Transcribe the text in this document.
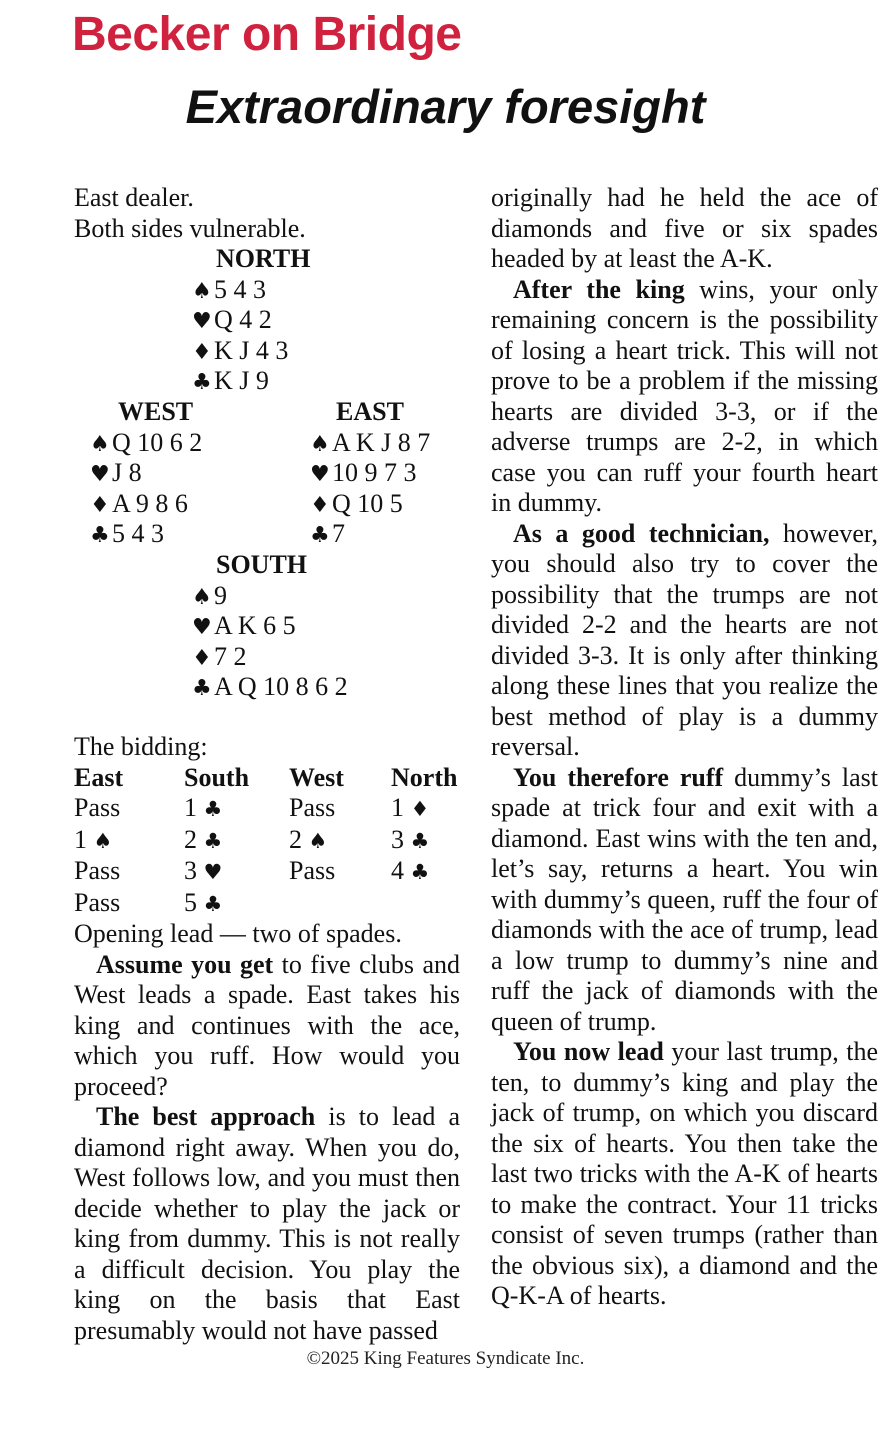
Becker on Bridge
Extraordinary foresight
East dealer.
Both sides vulnerable.
NORTH
♠5 4 3
♥Q 4 2
♦K J 4 3
♣K J 9
WEST
♠Q 10 6 2
♥J 8
♦A 9 8 6
♣5 4 3
EAST
♠A K J 8 7
♥10 9 7 3
♦Q 10 5
♣7
SOUTH
♠9
♥A K 6 5
♦7 2
♣A Q 10 8 6 2
The bidding:
East	South	West	North
Pass	1 ♣	Pass	1 ♦
1 ♠	2 ♣	2 ♠	3 ♣
Pass	3 ♥	Pass	4 ♣
Pass	5 ♣		
Opening lead — two of spades.

Assume you get to five clubs and West leads a spade. East takes his king and continues with the ace, which you ruff. How would you proceed?

The best approach is to lead a diamond right away. When you do, West follows low, and you must then decide whether to play the jack or king from dummy. This is not really a difficult decision. You play the king on the basis that East presumably would not have passed

originally had he held the ace of diamonds and five or six spades headed by at least the A-K.

After the king wins, your only remaining concern is the possibility of losing a heart trick. This will not prove to be a problem if the missing hearts are divided 3-3, or if the adverse trumps are 2-2, in which case you can ruff your fourth heart in dummy.

As a good technician, however, you should also try to cover the possibility that the trumps are not divided 2-2 and the hearts are not divided 3-3. It is only after thinking along these lines that you realize the best method of play is a dummy reversal.

You therefore ruff dummy’s last spade at trick four and exit with a diamond. East wins with the ten and, let’s say, returns a heart. You win with dummy’s queen, ruff the four of diamonds with the ace of trump, lead a low trump to dummy’s nine and ruff the jack of diamonds with the queen of trump.

You now lead your last trump, the ten, to dummy’s king and play the jack of trump, on which you discard the six of hearts. You then take the last two tricks with the A-K of hearts to make the contract. Your 11 tricks consist of seven trumps (rather than the obvious six), a diamond and the Q-K-A of hearts.

©2025 King Features Syndicate Inc.
